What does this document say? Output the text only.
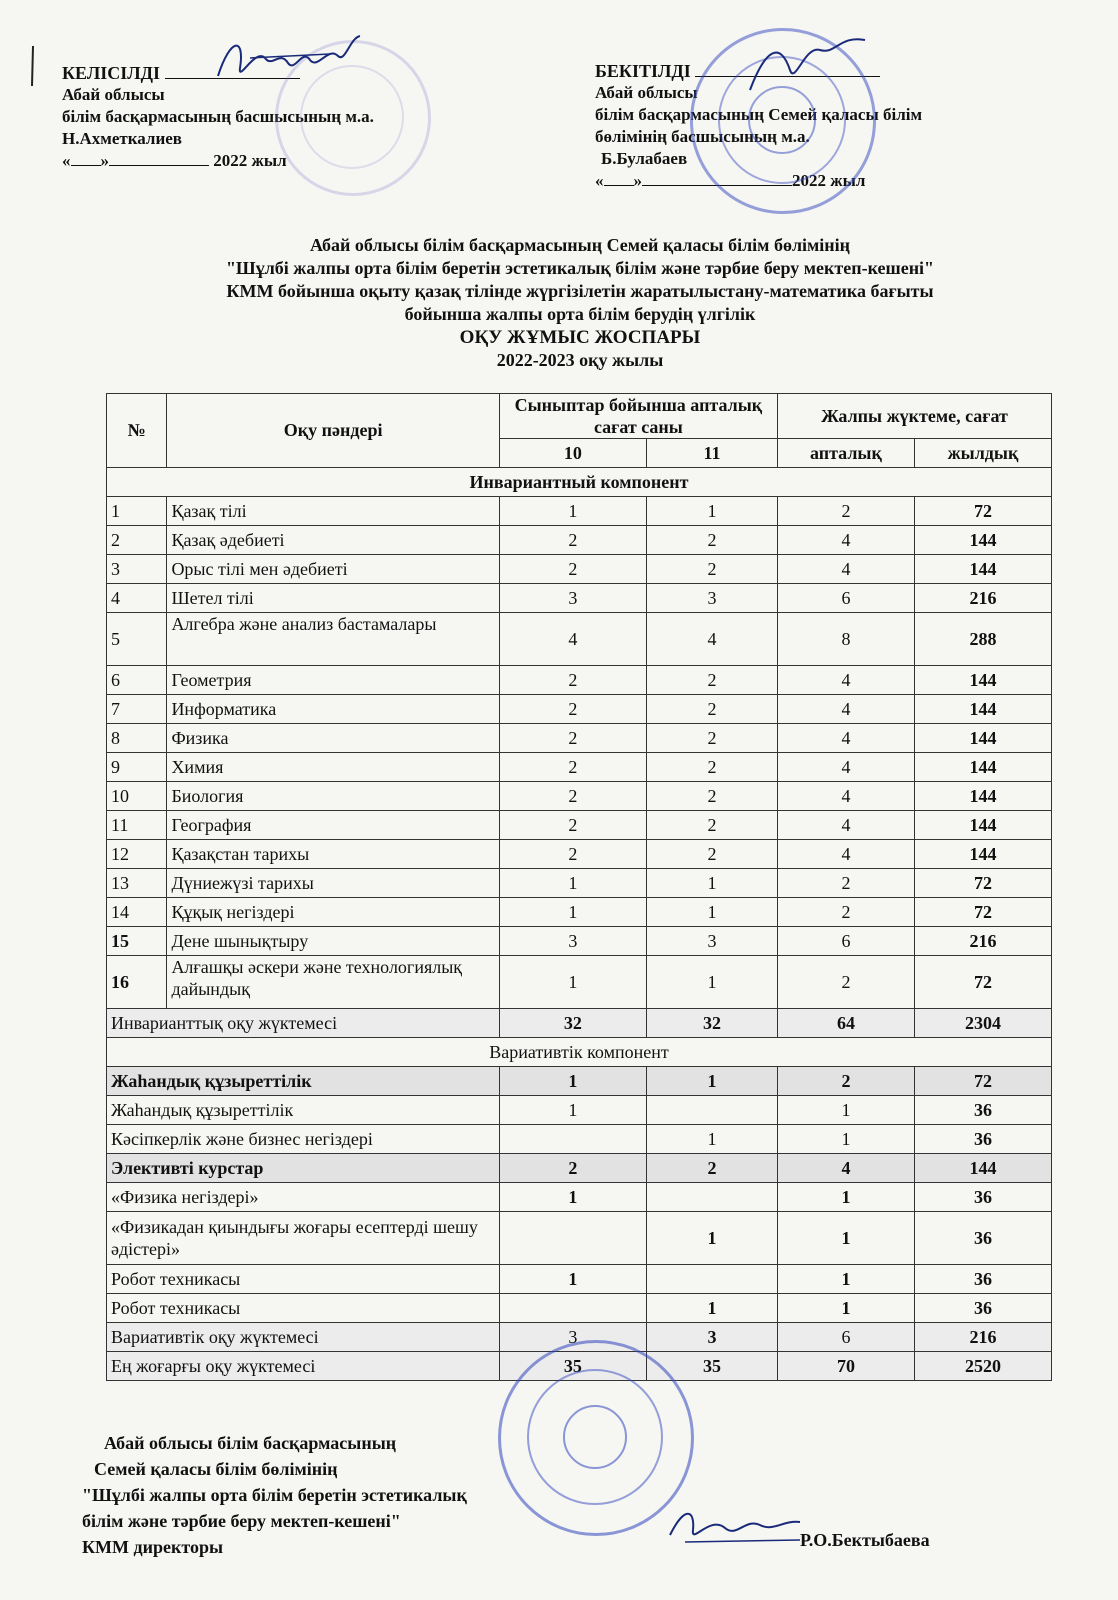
КЕЛІСІЛДІ
Абай облысы
білім басқармасының басшысының м.а.
Н.Ахметкалиев
« »	2022 жыл
БЕКІТІЛДІ
Абай облысы
білім басқармасының Семей қаласы білім
бөлімінің басшысының м.а.
Б.Булабаев
« »	2022 жыл
Абай облысы білім басқармасының Семей қаласы білім бөлімінің
"Шұлбі жалпы орта білім беретін эстетикалық білім және тәрбие беру мектеп-кешені"
КММ бойынша оқыту қазақ тілінде жүргізілетін жаратылыстану-математика бағыты
бойынша жалпы орта білім берудің үлгілік
ОҚУ ЖҰМЫС ЖОСПАРЫ
2022-2023 оқу жылы
№	Оқу пәндері	Сыныптар бойынша апталық сағат саны		Жалпы жүктеме, сағат	
		10	11	апталық	жылдық
Инвариантный компонент					
1	Қазақ тілі	1	1	2	72
2	Қазақ әдебиеті	2	2	4	144
3	Орыс тілі мен әдебиеті	2	2	4	144
4	Шетел тілі	3	3	6	216
5	Алгебра және анализ бастамалары	4	4	8	288
6	Геометрия	2	2	4	144
7	Информатика	2	2	4	144
8	Физика	2	2	4	144
9	Химия	2	2	4	144
10	Биология	2	2	4	144
11	География	2	2	4	144
12	Қазақстан тарихы	2	2	4	144
13	Дүниежүзі тарихы	1	1	2	72
14	Құқық негіздері	1	1	2	72
15	Дене шынықтыру	3	3	6	216
16	Алғашқы әскери және технологиялық дайындық	1	1	2	72
Инварианттық оқу жүктемесі		32	32	64	2304
Вариативтік компонент					
Жаһандық құзыреттілік		1	1	2	72
Жаһандық құзыреттілік		1		1	36
Кәсіпкерлік және бизнес негіздері			1	1	36
Элективті курстар		2	2	4	144
«Физика негіздері»		1		1	36
«Физикадан қиындығы жоғары есептерді шешу әдістері»			1	1	36
Робот техникасы		1		1	36
Робот техникасы			1	1	36
Вариативтік оқу жүктемесі		3	3	6	216
Ең жоғарғы оқу жүктемесі		35	35	70	2520
Абай облысы білім басқармасының
Семей қаласы білім бөлімінің
"Шұлбі жалпы орта білім беретін эстетикалық
білім және тәрбие беру мектеп-кешені"
КММ директоры	Р.О.Бектыбаева
